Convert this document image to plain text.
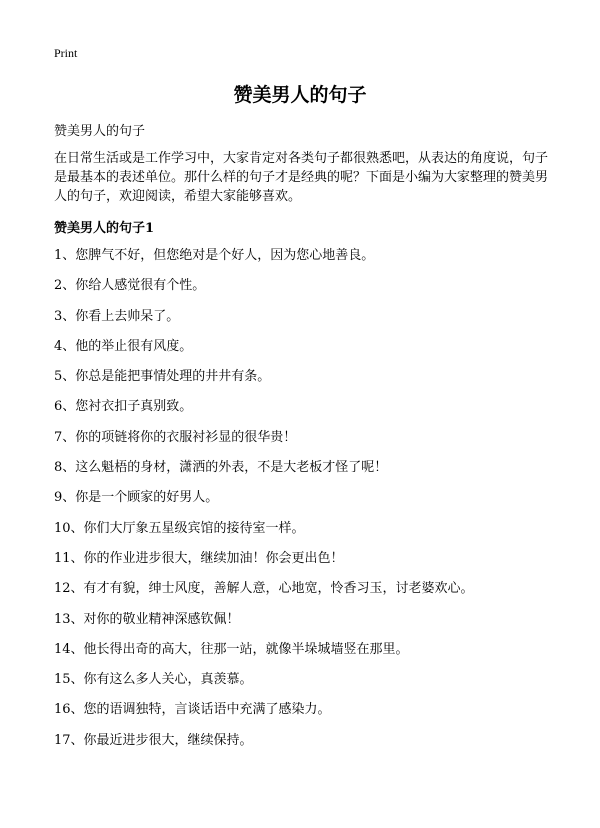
Print
赞美男人的句子
赞美男人的句子

在日常生活或是工作学习中，大家肯定对各类句子都很熟悉吧，从表达的角度说，句子是最基本的表述单位。那什么样的句子才是经典的呢？下面是小编为大家整理的赞美男人的句子，欢迎阅读，希望大家能够喜欢。

赞美男人的句子1
1、您脾气不好，但您绝对是个好人，因为您心地善良。
2、你给人感觉很有个性。
3、你看上去帅呆了。
4、他的举止很有风度。
5、你总是能把事情处理的井井有条。
6、您衬衣扣子真别致。
7、你的项链将你的衣服衬衫显的很华贵！
8、这么魁梧的身材，潇洒的外表，不是大老板才怪了呢！
9、你是一个顾家的好男人。
10、你们大厅象五星级宾馆的接待室一样。
11、你的作业进步很大，继续加油！你会更出色！
12、有才有貌，绅士风度，善解人意，心地宽，怜香习玉，讨老婆欢心。
13、对你的敬业精神深感钦佩！
14、他长得出奇的高大，往那一站，就像半垛城墙竖在那里。
15、你有这么多人关心，真羡慕。
16、您的语调独特，言谈话语中充满了感染力。
17、你最近进步很大，继续保持。
